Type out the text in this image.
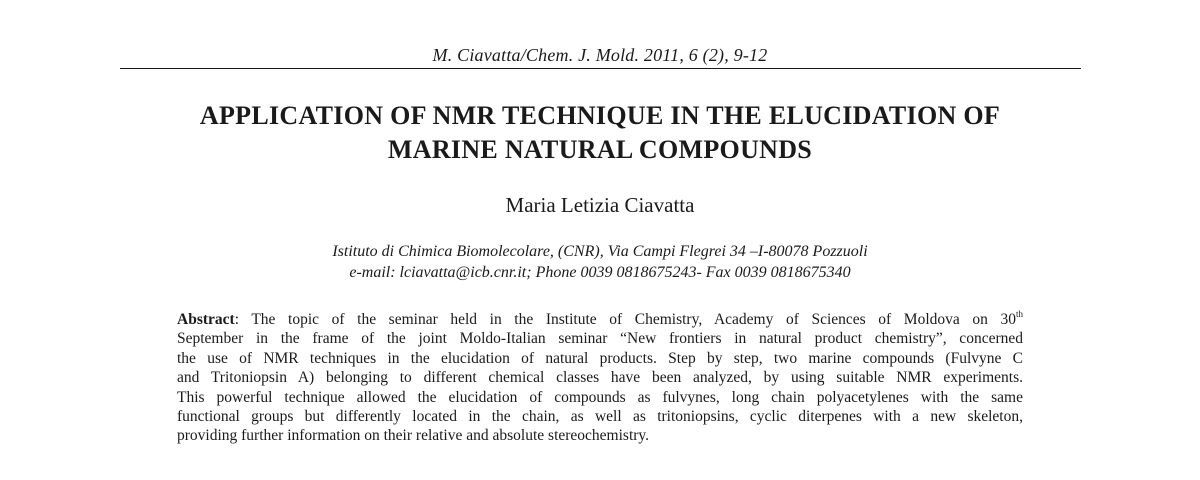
M. Ciavatta/Chem. J. Mold. 2011, 6 (2), 9-12
APPLICATION OF NMR TECHNIQUE IN THE ELUCIDATION OF
MARINE NATURAL COMPOUNDS
Maria Letizia Ciavatta
Istituto di Chimica Biomolecolare, (CNR), Via Campi Flegrei 34 –I-80078 Pozzuoli
e-mail: lciavatta@icb.cnr.it; Phone 0039 0818675243- Fax 0039 0818675340

Abstract: The topic of the seminar held in the Institute of Chemistry, Academy of Sciences of Moldova on 30th
September in the frame of the joint Moldo-Italian seminar “New frontiers in natural product chemistry”, concerned
the use of NMR techniques in the elucidation of natural products. Step by step, two marine compounds (Fulvyne C
and Tritoniopsin A) belonging to different chemical classes have been analyzed, by using suitable NMR experiments.
This powerful technique allowed the elucidation of compounds as fulvynes, long chain polyacetylenes with the same
functional groups but differently located in the chain, as well as tritoniopsins, cyclic diterpenes with a new skeleton,
providing further information on their relative and absolute stereochemistry.
